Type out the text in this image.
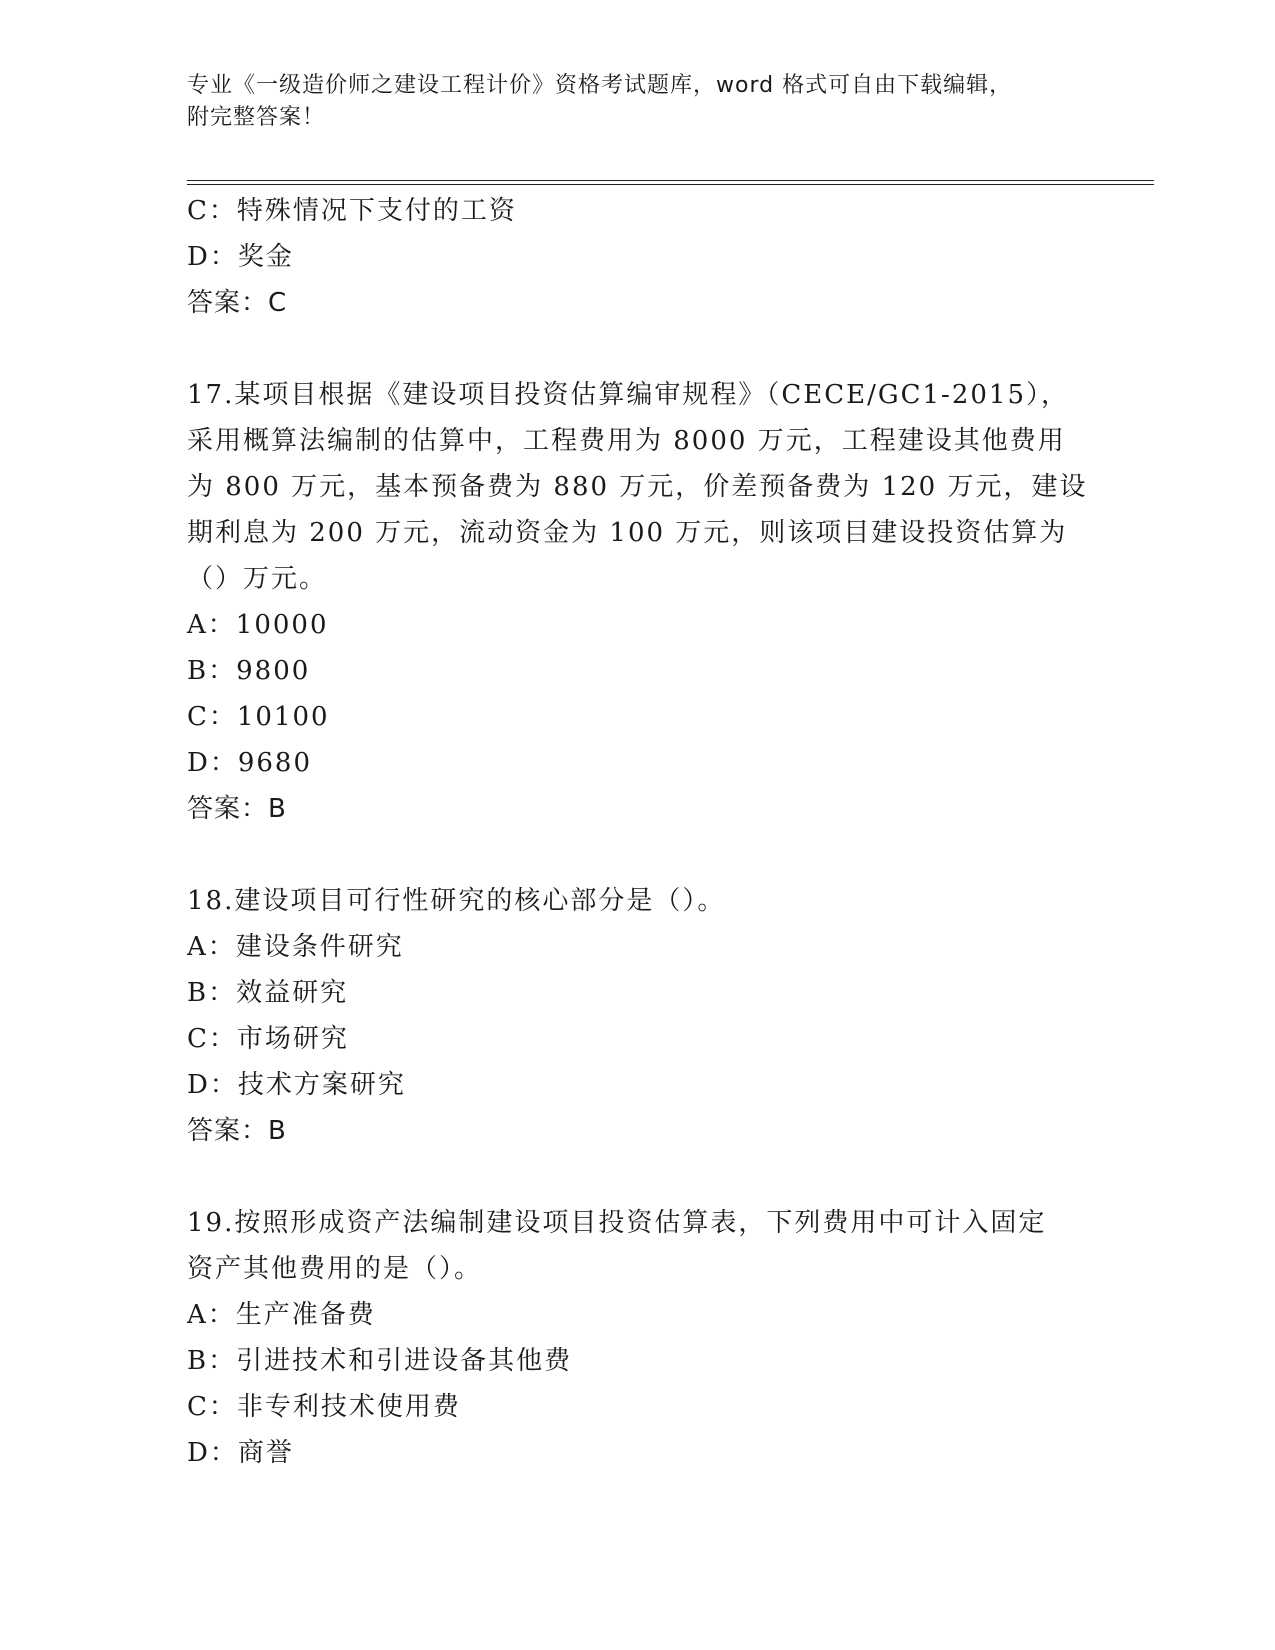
专业《一级造价师之建设工程计价》资格考试题库，word 格式可自由下载编辑，
附完整答案！
C：特殊情况下支付的工资
D：奖金
答案：C
17.某项目根据《建设项目投资估算编审规程》（CECE/GC1-2015），
采用概算法编制的估算中，工程费用为 8000 万元，工程建设其他费用
为 800 万元，基本预备费为 880 万元，价差预备费为 120 万元，建设
期利息为 200 万元，流动资金为 100 万元，则该项目建设投资估算为
（）万元。
A：10000
B：9800
C：10100
D：9680
答案：B
18.建设项目可行性研究的核心部分是（）。
A：建设条件研究
B：效益研究
C：市场研究
D：技术方案研究
答案：B
19.按照形成资产法编制建设项目投资估算表，下列费用中可计入固定
资产其他费用的是（）。
A：生产准备费
B：引进技术和引进设备其他费
C：非专利技术使用费
D：商誉
